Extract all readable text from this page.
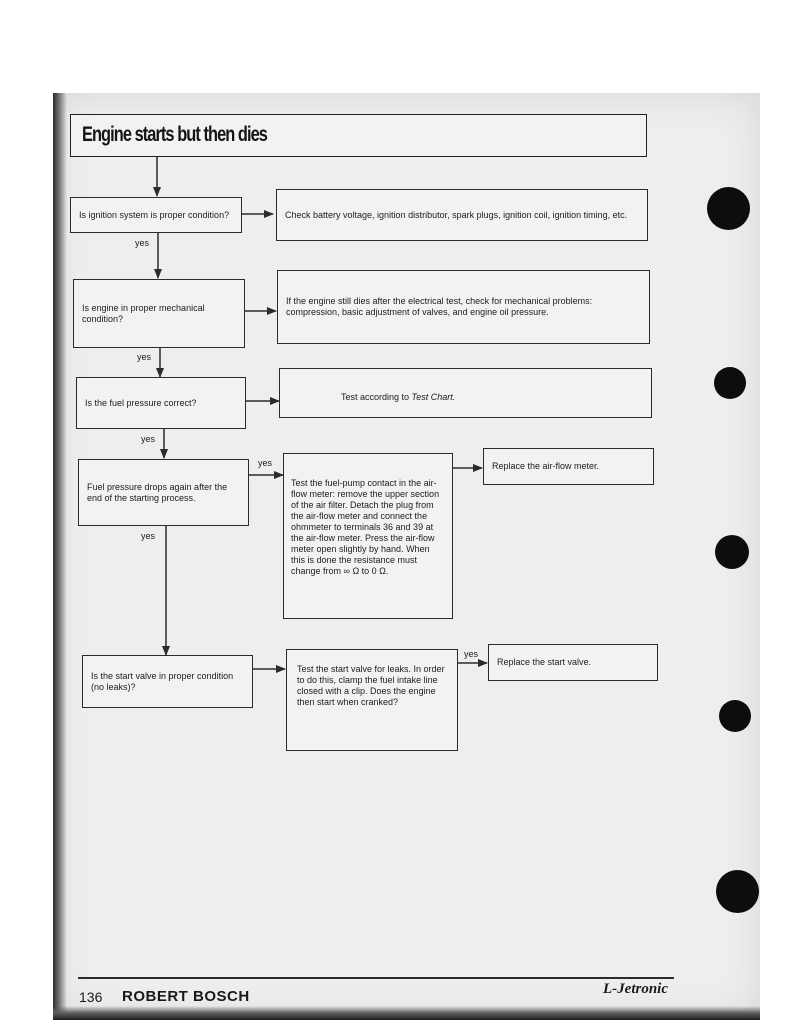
Engine starts but then dies
Is ignition system is proper condition?	Check battery voltage, ignition distributor, spark plugs, ignition coil, ignition timing, etc.
yes
Is engine in proper mechanical condition?
If the engine still dies after the electrical test, check for mechanical problems: compression, basic adjustment of valves, and engine oil pressure.
yes
Is the fuel pressure correct?
Test according to Test Chart.
yes
Fuel pressure drops again after the end of the starting process.
yes
Test the fuel-pump contact in the air-flow meter: remove the upper section of the air filter. Detach the plug from the air-flow meter and connect the ohmmeter to terminals 36 and 39 at the air-flow meter. Press the air-flow meter open slightly by hand. When this is done the resistance must change from ∞ Ω to 0 Ω.
Replace the air-flow meter.
yes
Is the start valve in proper condition (no leaks)?
Test the start valve for leaks. In order to do this, clamp the fuel intake line closed with a clip. Does the engine then start when cranked?
yes
Replace the start valve.
136 ROBERT BOSCH	L-Jetronic
